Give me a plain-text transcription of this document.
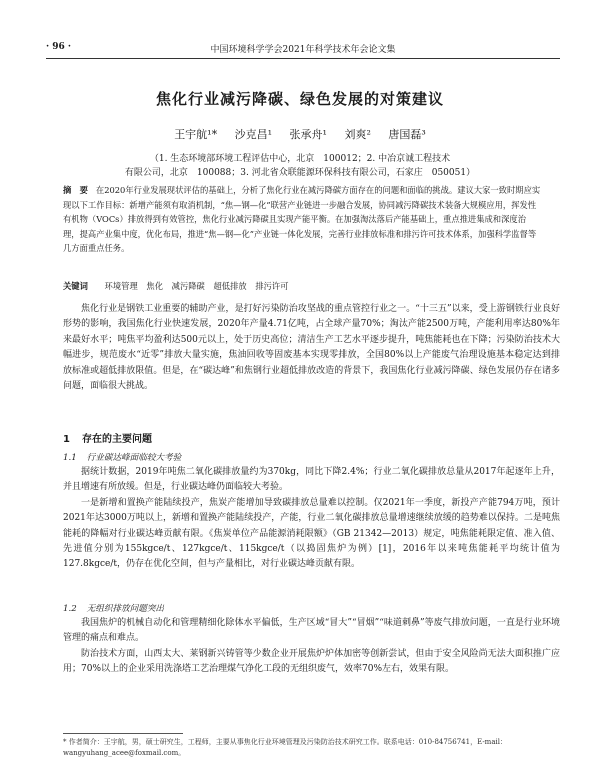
· 96 ·	中国环境科学学会2021年科学技术年会论文集
焦化行业减污降碳、绿色发展的对策建议
王宇航¹* 沙克昌¹ 张承舟¹ 刘爽² 唐国磊³
（1. 生态环境部环境工程评估中心，北京　100012；2. 中冶京诚工程技术
有限公司，北京　100088；3. 河北省众联能源环保科技有限公司，石家庄　050051）
摘　要 在2020年行业发展现状评估的基础上，分析了焦化行业在减污降碳方面存在的问题和面临的挑战。建议大家一致时期应实现以下工作目标：新增产能须有取消机制，“焦—钢—化”联营产业链进一步融合发展，协同减污降碳技术装备大规模应用，挥发性有机物（VOCs）排放得到有效管控，焦化行业减污降碳且实现产能平衡。在加强淘汰落后产能基础上，重点推进集成和深度治理，提高产业集中度，优化布局，推进“焦—钢—化”产业链一体化发展，完善行业排放标准和排污许可技术体系，加强科学监督等几方面重点任务。
关键词 环境管理 焦化 减污降碳 超低排放 排污许可

焦化行业是钢铁工业重要的辅助产业，是打好污染防治攻坚战的重点管控行业之一。“十三五”以来，受上游钢铁行业良好形势的影响，我国焦化行业快速发展，2020年产量4.71亿吨，占全球产量70%；淘汰产能2500万吨，产能利用率达80%年来最好水平；吨焦平均盈利达500元以上，处于历史高位；清洁生产工艺水平逐步提升，吨焦能耗也在下降；污染防治技术大幅进步，规范废水“近零”排放大量实施，焦油回收等固废基本实现零排放，全国80%以上产能废气治理设施基本稳定达到排放标准或超低排放限值。但是，在“碳达峰”和焦钢行业超低排放改造的背景下，我国焦化行业减污降碳、绿色发展仍存在诸多问题，面临很大挑战。

1 存在的主要问题
1.1 行业碳达峰面临较大考验

据统计数据，2019年吨焦二氧化碳排放量约为370kg，同比下降2.4%；行业二氧化碳排放总量从2017年起逐年上升，并且增速有所放缓。但是，行业碳达峰仍面临较大考验。

一是新增和置换产能陆续投产，焦炭产能增加导致碳排放总量难以控制。仅2021年一季度，新投产产能794万吨，预计2021年达3000万吨以上，新增和置换产能陆续投产，产能，行业二氧化碳排放总量增速继续放缓的趋势难以保持。二是吨焦能耗的降幅对行业碳达峰贡献有限。《焦炭单位产品能源消耗限额》（GB 21342—2013）规定，吨焦能耗限定值、准入值、先进值分别为155kgce/t、127kgce/t、115kgce/t（以捣固焦炉为例）[1]，2016年以来吨焦能耗平均统计值为127.8kgce/t，仍存在优化空间，但与产量相比，对行业碳达峰贡献有限。

1.2 无组织排放问题突出

我国焦炉的机械自动化和管理精细化除体水平偏低，生产区域“冒大”“冒烟”“味道刺鼻”等废气排放问题，一直是行业环境管理的痛点和难点。

防治技术方面，山西太大、莱钢新兴铸管等少数企业开展焦炉炉体加密等创新尝试，但由于安全风险尚无法大面积推广应用；70%以上的企业采用洗涤塔工艺治理煤气净化工段的无组织废气，效率70%左右，效果有限。

* 作者简介：王宇航，男，硕士研究生，工程师，主要从事焦化行业环境管理及污染防治技术研究工作。联系电话：010-84756741，E-mail：wangyuhang_acee@foxmail.com。
